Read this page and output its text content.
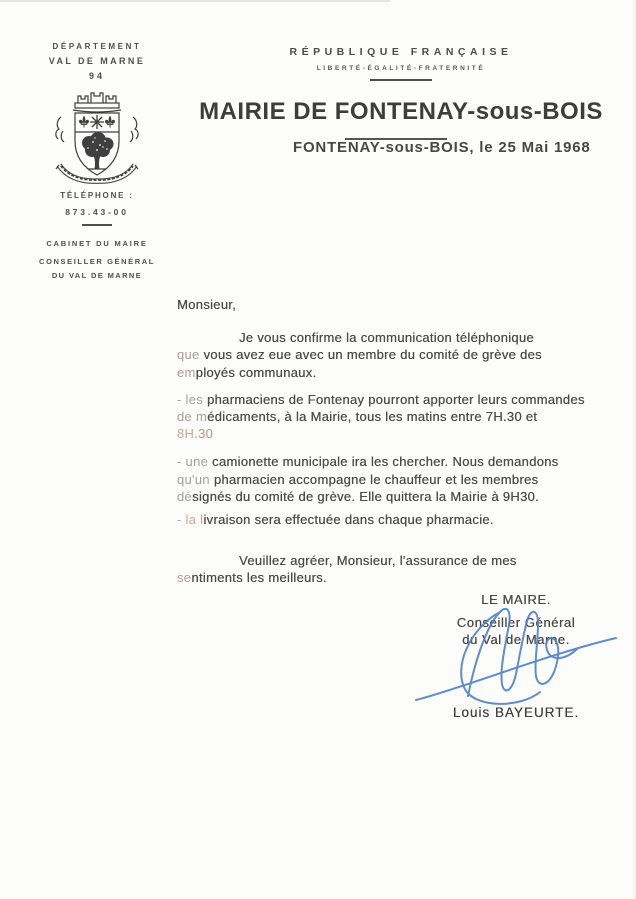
DÉPARTEMENT
VAL DE MARNE
94
TÉLÉPHONE :
873.43-00
CABINET DU MAIRE
CONSEILLER GÉNÉRAL
DU VAL DE MARNE
RÉPUBLIQUE FRANÇAISE
LIBERTÉ-ÉGALITÉ-FRATERNITÉ
MAIRIE DE FONTENAY-sous-BOIS
FONTENAY-sous-BOIS, le 25 Mai 1968
Monsieur,
Je vous confirme la communication téléphonique
que vous avez eue avec un membre du comité de grève des
employés communaux.
- les pharmaciens de Fontenay pourront apporter leurs commandes
de médicaments, à la Mairie, tous les matins entre 7H.30 et
8H.30
- une camionette municipale ira les chercher. Nous demandons
qu'un pharmacien accompagne le chauffeur et les membres
désignés du comité de grève. Elle quittera la Mairie à 9H30.
- la livraison sera effectuée dans chaque pharmacie.
Veuillez agréer, Monsieur, l'assurance de mes
sentiments les meilleurs.
LE MAIRE.
Conseiller Général
du Val de Marne.
Louis BAYEURTE.
